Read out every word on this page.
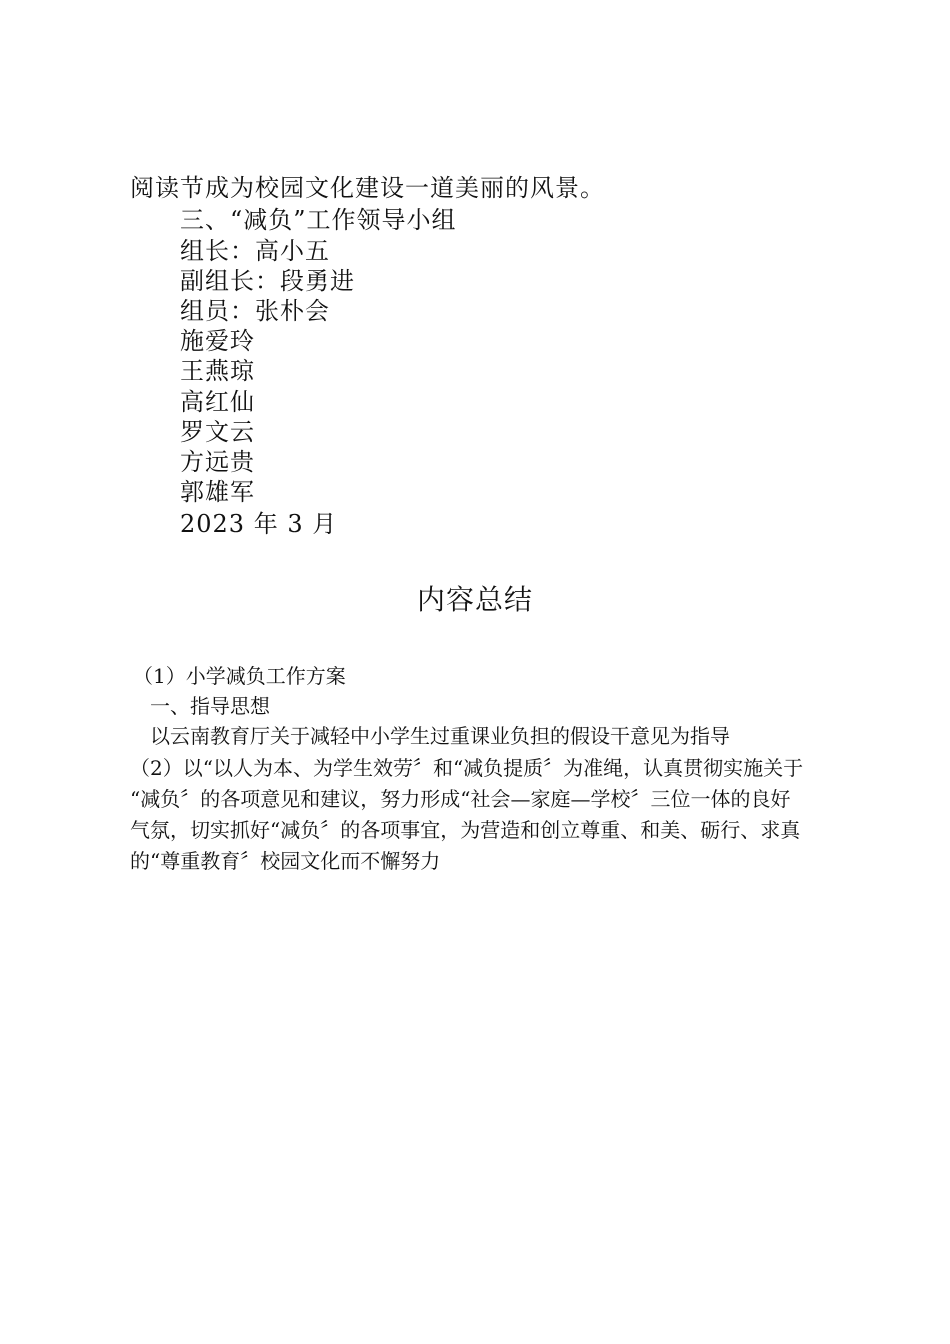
阅读节成为校园文化建设一道美丽的风景。
三、“减负”工作领导小组
组长：高小五
副组长：段勇进
组员：张朴会
施爱玲
王燕琼
高红仙
罗文云
方远贵
郭雄军
2023 年 3 月
内容总结
（1）小学减负工作方案
一、指导思想
以云南教育厅关于减轻中小学生过重课业负担的假设干意见为指导
（2）以“以人为本、为学生效劳〞和“减负提质〞为准绳，认真贯彻实施关于
“减负〞的各项意见和建议，努力形成“社会—家庭—学校〞三位一体的良好
气氛，切实抓好“减负〞的各项事宜，为营造和创立尊重、和美、砺行、求真
的“尊重教育〞校园文化而不懈努力
